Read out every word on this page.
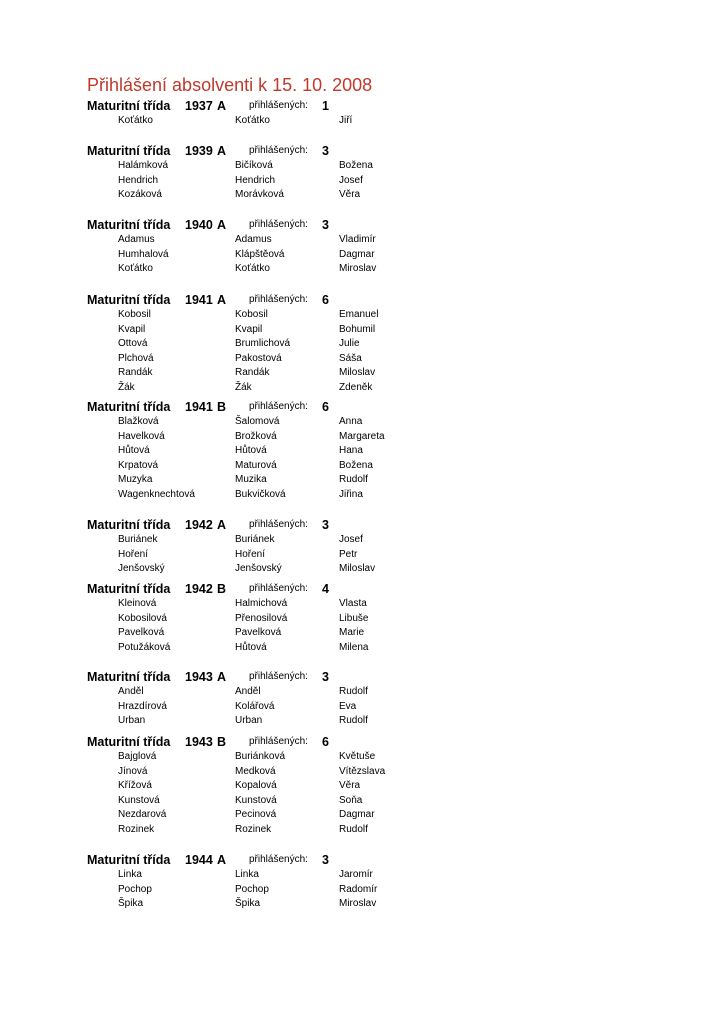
Přihlášení absolventi k 15. 10. 2008
Maturitní třída 1937 A přihlášených: 1
Koťátko	Koťátko	Jiří
Maturitní třída 1939 A přihlášených: 3
Halámková	Bičíková	Božena
Hendrich	Hendrich	Josef
Kozáková	Morávková	Věra
Maturitní třída 1940 A přihlášených: 3
Adamus	Adamus	Vladimír
Humhalová	Klápštěová	Dagmar
Koťátko	Koťátko	Miroslav
Maturitní třída 1941 A přihlášených: 6
Kobosil	Kobosil	Emanuel
Kvapil	Kvapil	Bohumil
Ottová	Brumlichová	Julie
Plchová	Pakostová	Sáša
Randák	Randák	Miloslav
Žák	Žák	Zdeněk
Maturitní třída 1941 B přihlášených: 6
Blažková	Šalomová	Anna
Havelková	Brožková	Margareta
Hůtová	Hůtová	Hana
Krpatová	Maturová	Božena
Muzyka	Muzika	Rudolf
Wagenknechtová	Bukvičková	Jiřina
Maturitní třída 1942 A přihlášených: 3
Buriánek	Buriánek	Josef
Hoření	Hoření	Petr
Jenšovský	Jenšovský	Miloslav
Maturitní třída 1942 B přihlášených: 4
Kleinová	Halmichová	Vlasta
Kobosilová	Přenosilová	Libuše
Pavelková	Pavelková	Marie
Potužáková	Hůtová	Milena
Maturitní třída 1943 A přihlášených: 3
Anděl	Anděl	Rudolf
Hrazdírová	Kolářová	Eva
Urban	Urban	Rudolf
Maturitní třída 1943 B přihlášených: 6
Bajglová	Buriánková	Květuše
Jínová	Medková	Vítězslava
Křížová	Kopalová	Věra
Kunstová	Kunstová	Soňa
Nezdarová	Pecinová	Dagmar
Rozinek	Rozinek	Rudolf
Maturitní třída 1944 A přihlášených: 3
Linka	Linka	Jaromír
Pochop	Pochop	Radomír
Špika	Špika	Miroslav
